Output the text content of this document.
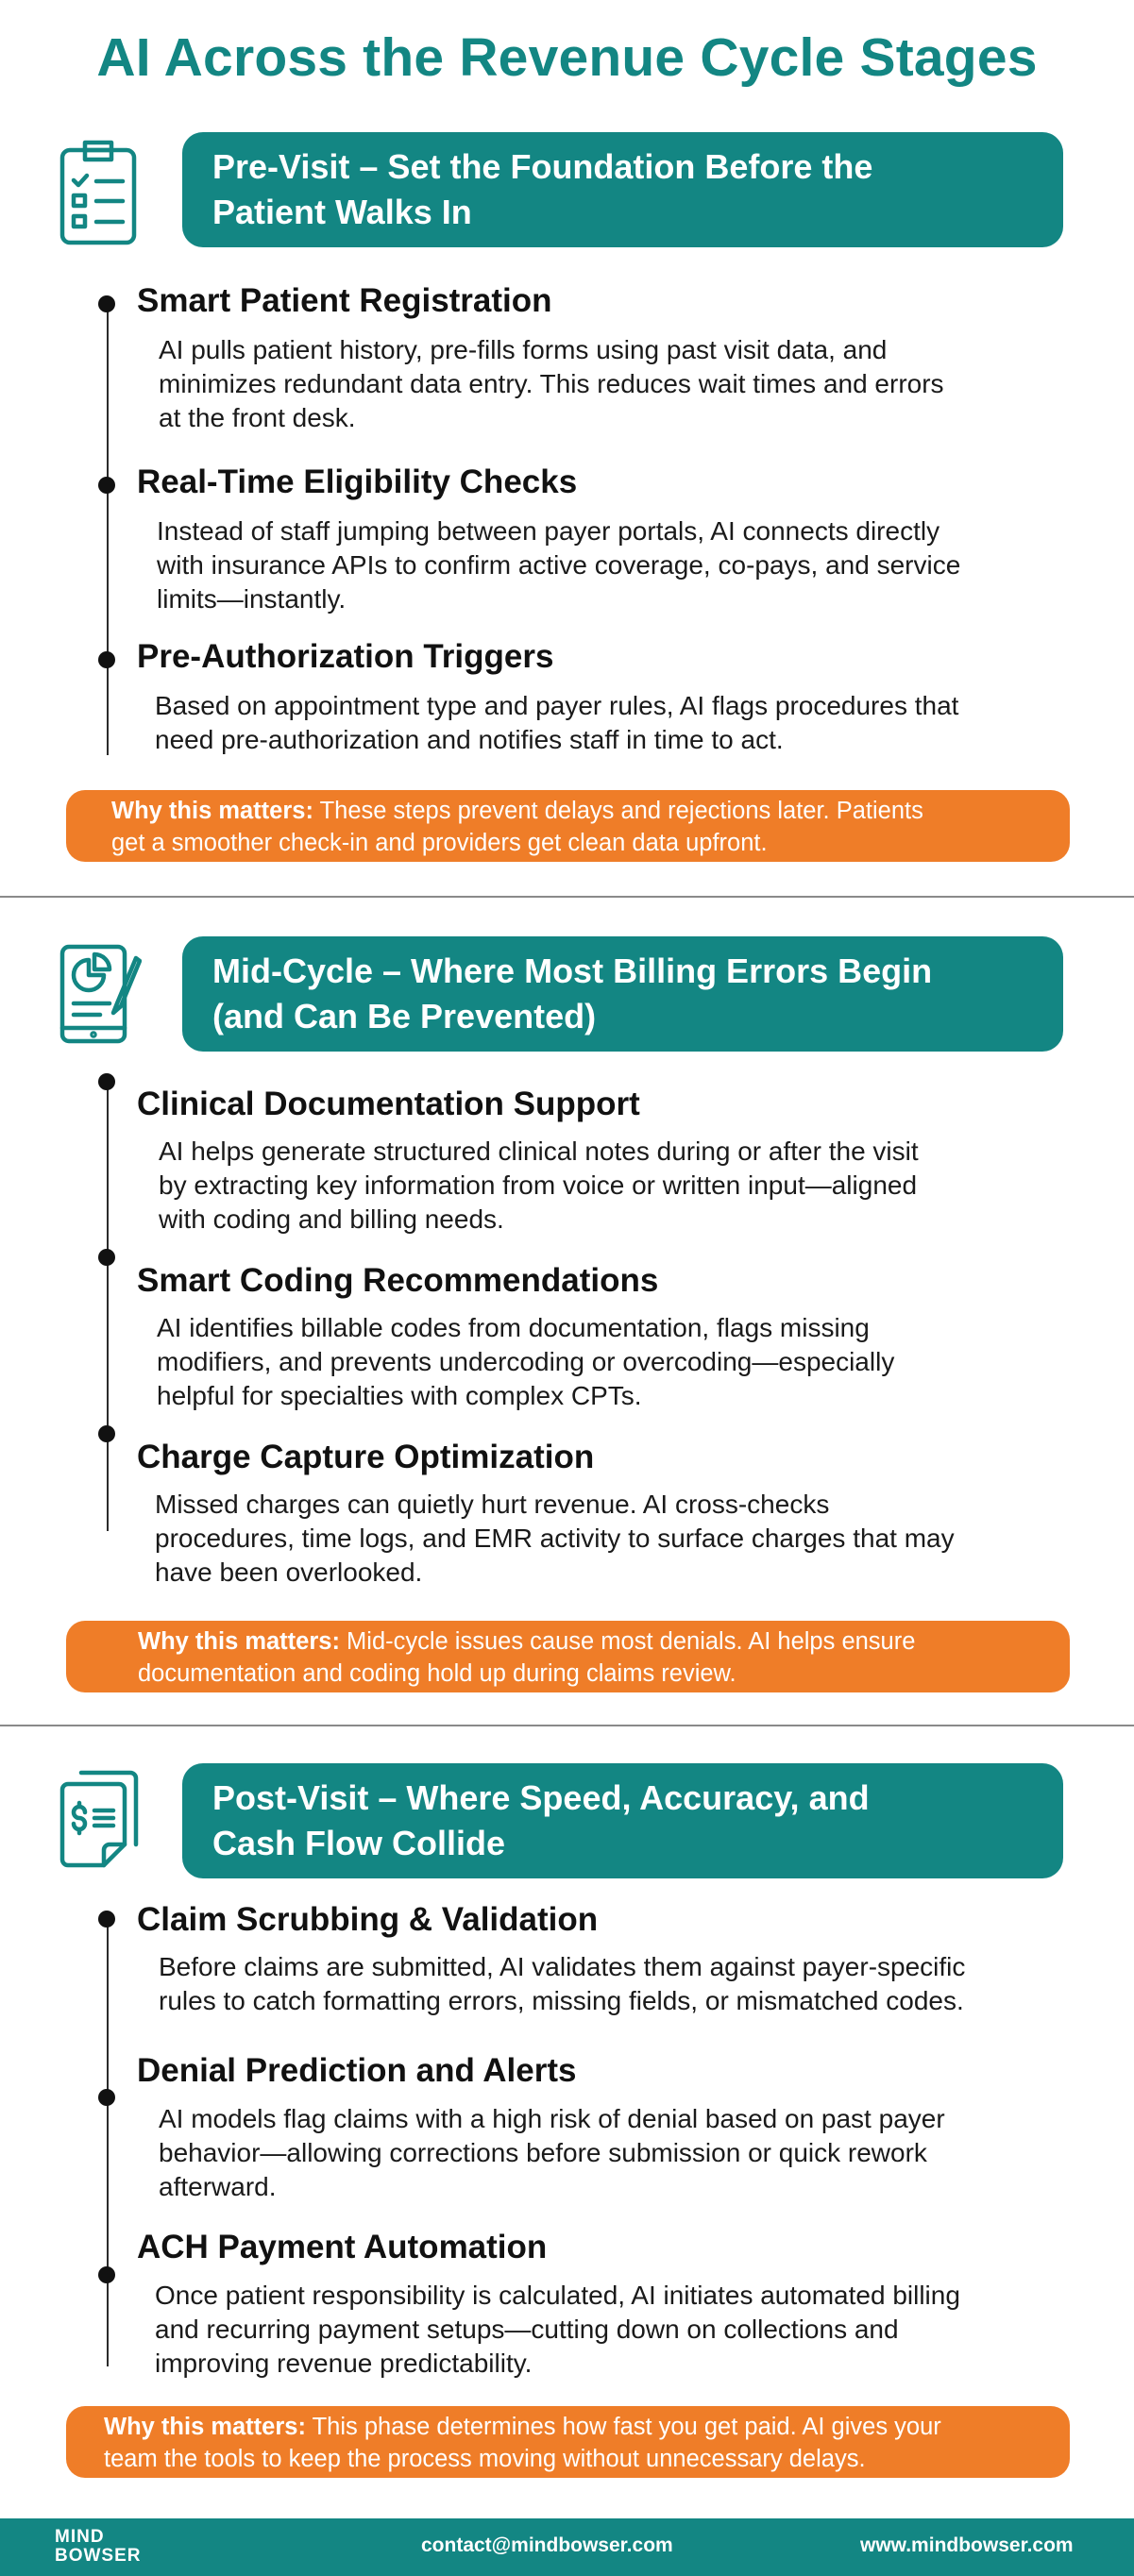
AI Across the Revenue Cycle Stages
Pre-Visit – Set the Foundation Before the
Patient Walks In
Smart Patient Registration
AI pulls patient history, pre-fills forms using past visit data, and
minimizes redundant data entry. This reduces wait times and errors
at the front desk.
Real-Time Eligibility Checks
Instead of staff jumping between payer portals, AI connects directly
with insurance APIs to confirm active coverage, co-pays, and service
limits—instantly.
Pre-Authorization Triggers
Based on appointment type and payer rules, AI flags procedures that
need pre-authorization and notifies staff in time to act.
Why this matters: These steps prevent delays and rejections later. Patients
get a smoother check-in and providers get clean data upfront.
Mid-Cycle – Where Most Billing Errors Begin
(and Can Be Prevented)
Clinical Documentation Support
AI helps generate structured clinical notes during or after the visit
by extracting key information from voice or written input—aligned
with coding and billing needs.
Smart Coding Recommendations
AI identifies billable codes from documentation, flags missing
modifiers, and prevents undercoding or overcoding—especially
helpful for specialties with complex CPTs.
Charge Capture Optimization
Missed charges can quietly hurt revenue. AI cross-checks
procedures, time logs, and EMR activity to surface charges that may
have been overlooked.
Why this matters: Mid-cycle issues cause most denials. AI helps ensure
documentation and coding hold up during claims review.
Post-Visit – Where Speed, Accuracy, and
Cash Flow Collide
Claim Scrubbing & Validation
Before claims are submitted, AI validates them against payer-specific
rules to catch formatting errors, missing fields, or mismatched codes.
Denial Prediction and Alerts
AI models flag claims with a high risk of denial based on past payer
behavior—allowing corrections before submission or quick rework
afterward.
ACH Payment Automation
Once patient responsibility is calculated, AI initiates automated billing
and recurring payment setups—cutting down on collections and
improving revenue predictability.
Why this matters: This phase determines how fast you get paid. AI gives your
team the tools to keep the process moving without unnecessary delays.
MIND
BOWSER	contact@mindbowser.com	www.mindbowser.com
